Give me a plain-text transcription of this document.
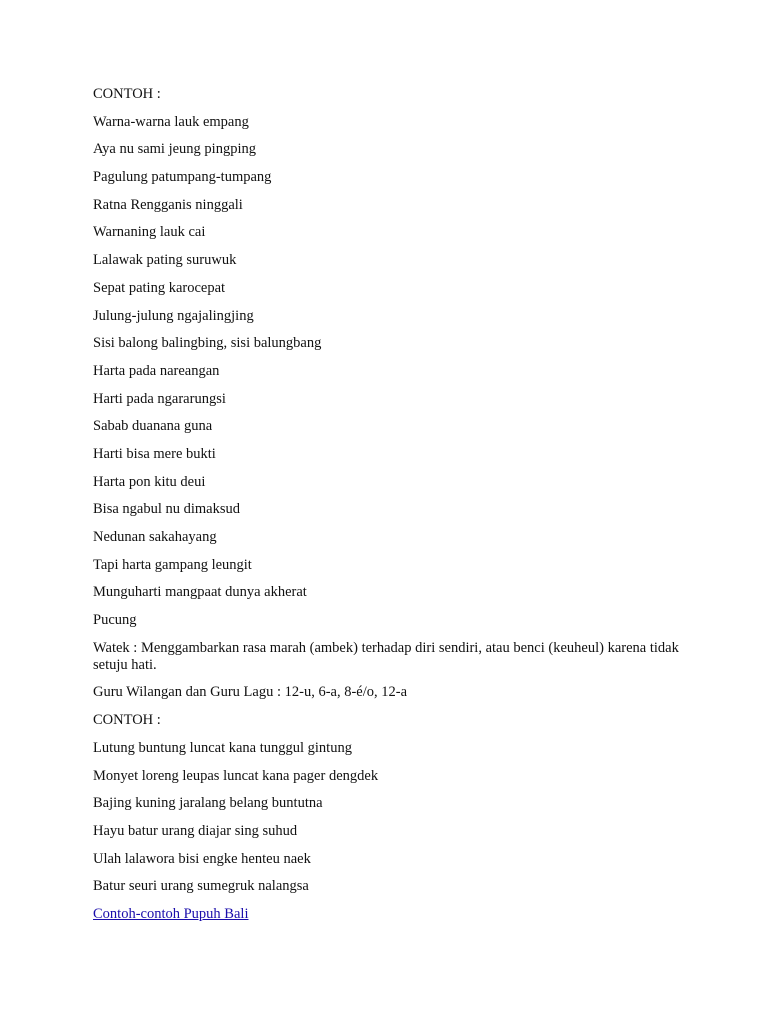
CONTOH :

Warna-warna lauk empang

Aya nu sami jeung pingping

Pagulung patumpang-tumpang

Ratna Rengganis ninggali

Warnaning lauk cai

Lalawak pating suruwuk

Sepat pating karocepat

Julung-julung ngajalingjing

Sisi balong balingbing, sisi balungbang

Harta pada nareangan

Harti pada ngararungsi

Sabab duanana guna

Harti bisa mere bukti

Harta pon kitu deui

Bisa ngabul nu dimaksud

Nedunan sakahayang

Tapi harta gampang leungit

Munguharti mangpaat dunya akherat

Pucung

Watek : Menggambarkan rasa marah (ambek) terhadap diri sendiri, atau benci (keuheul) karena tidak setuju hati.

Guru Wilangan dan Guru Lagu : 12-u, 6-a, 8-é/o, 12-a

CONTOH :

Lutung buntung luncat kana tunggul gintung

Monyet loreng leupas luncat kana pager dengdek

Bajing kuning jaralang belang buntutna

Hayu batur urang diajar sing suhud

Ulah lalawora bisi engke henteu naek

Batur seuri urang sumegruk nalangsa

Contoh-contoh Pupuh Bali
